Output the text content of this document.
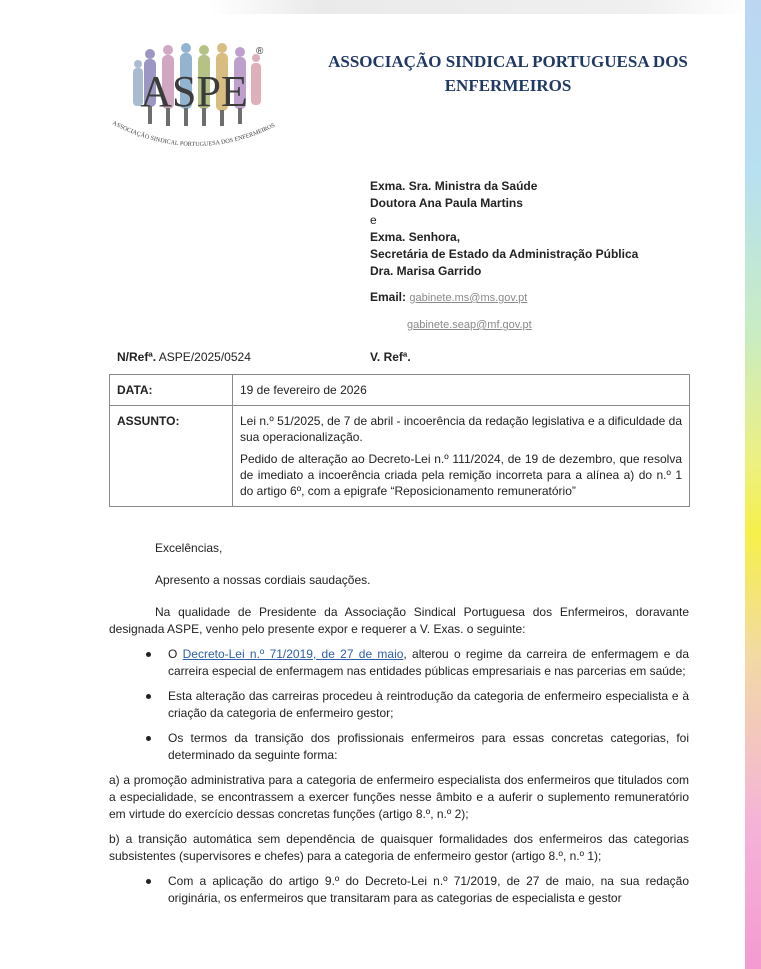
ASPE
®
ASSOCIAÇÃO SINDICAL PORTUGUESA DOS ENFERMEIROS
ASSOCIAÇÃO SINDICAL PORTUGUESA DOS
ENFERMEIROS
Exma. Sra. Ministra da Saúde
Doutora Ana Paula Martins
e
Exma. Senhora,
Secretária de Estado da Administração Pública
Dra. Marisa Garrido
Email: gabinete.ms@ms.gov.pt
gabinete.seap@mf.gov.pt
N/Refª. ASPE/2025/0524	V. Refª.
DATA:	19 de fevereiro de 2026
ASSUNTO:	Lei n.º 51/2025, de 7 de abril - incoerência da redação legislativa e a dificuldade da sua operacionalização.

Pedido de alteração ao Decreto-Lei n.º 111/2024, de 19 de dezembro, que resolva de imediato a incoerência criada pela remição incorreta para a alínea a) do n.º 1 do artigo 6º, com a epigrafe “Reposicionamento remuneratório”

Excelências,

Apresento a nossas cordiais saudações.

Na qualidade de Presidente da Associação Sindical Portuguesa dos Enfermeiros, doravante designada ASPE, venho pelo presente expor e requerer a V. Exas. o seguinte:

O Decreto-Lei n.º 71/2019, de 27 de maio, alterou o regime da carreira de enfermagem e da carreira especial de enfermagem nas entidades públicas empresariais e nas parcerias em saúde;
Esta alteração das carreiras procedeu à reintrodução da categoria de enfermeiro especialista e à criação da categoria de enfermeiro gestor;
Os termos da transição dos profissionais enfermeiros para essas concretas categorias, foi determinado da seguinte forma:

a) a promoção administrativa para a categoria de enfermeiro especialista dos enfermeiros que titulados com a especialidade, se encontrassem a exercer funções nesse âmbito e a auferir o suplemento remuneratório em virtude do exercício dessas concretas funções (artigo 8.º, n.º 2);

b) a transição automática sem dependência de quaisquer formalidades dos enfermeiros das categorias subsistentes (supervisores e chefes) para a categoria de enfermeiro gestor (artigo 8.º, n.º 1);

Com a aplicação do artigo 9.º do Decreto-Lei n.º 71/2019, de 27 de maio, na sua redação originária, os enfermeiros que transitaram para as categorias de especialista e gestor
